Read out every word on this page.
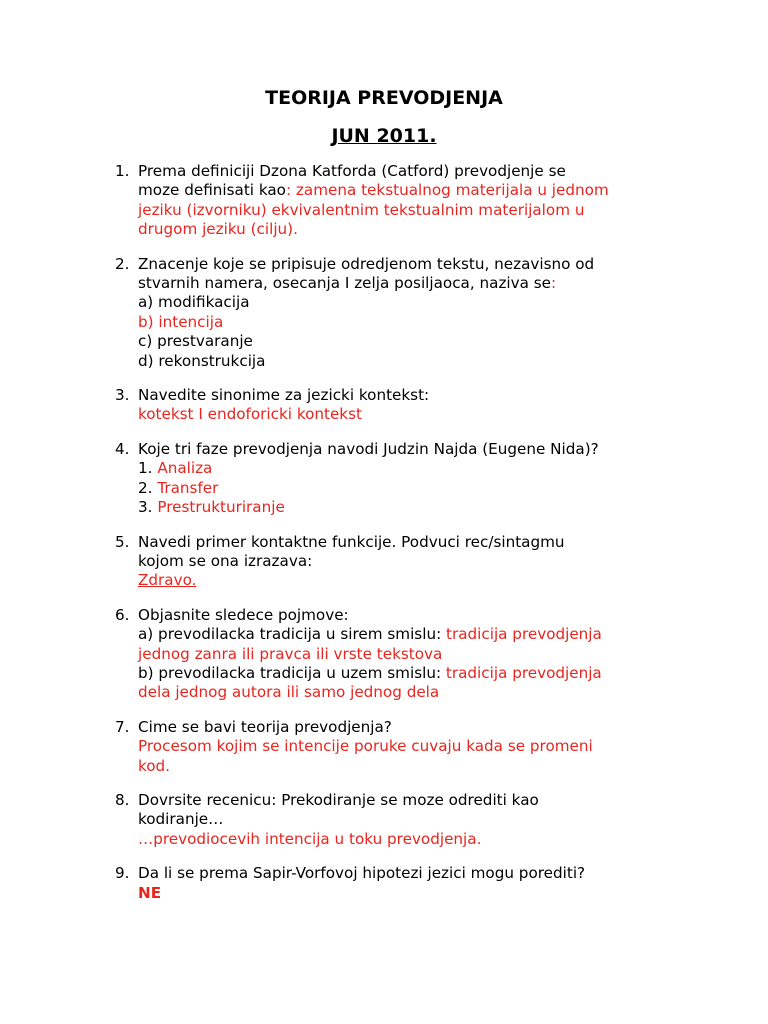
TEORIJA PREVODJENJA
JUN 2011.
1. Prema definiciji Dzona Katforda (Catford) prevodjenje se
moze definisati kao: zamena tekstualnog materijala u jednom
jeziku (izvorniku) ekvivalentnim tekstualnim materijalom u
drugom jeziku (cilju).
2. Znacenje koje se pripisuje odredjenom tekstu, nezavisno od
stvarnih namera, osecanja I zelja posiljaoca, naziva se:
a) modifikacija
b) intencija
c) prestvaranje
d) rekonstrukcija
3. Navedite sinonime za jezicki kontekst:
kotekst I endoforicki kontekst
4. Koje tri faze prevodjenja navodi Judzin Najda (Eugene Nida)?
1. Analiza
2. Transfer
3. Prestrukturiranje
5. Navedi primer kontaktne funkcije. Podvuci rec/sintagmu
kojom se ona izrazava:
Zdravo.
6. Objasnite sledece pojmove:
a) prevodilacka tradicija u sirem smislu: tradicija prevodjenja
jednog zanra ili pravca ili vrste tekstova
b) prevodilacka tradicija u uzem smislu: tradicija prevodjenja
dela jednog autora ili samo jednog dela
7. Cime se bavi teorija prevodjenja?
Procesom kojim se intencije poruke cuvaju kada se promeni
kod.
8. Dovrsite recenicu: Prekodiranje se moze odrediti kao
kodiranje…
…prevodiocevih intencija u toku prevodjenja.
9. Da li se prema Sapir-Vorfovoj hipotezi jezici mogu porediti?
NE
